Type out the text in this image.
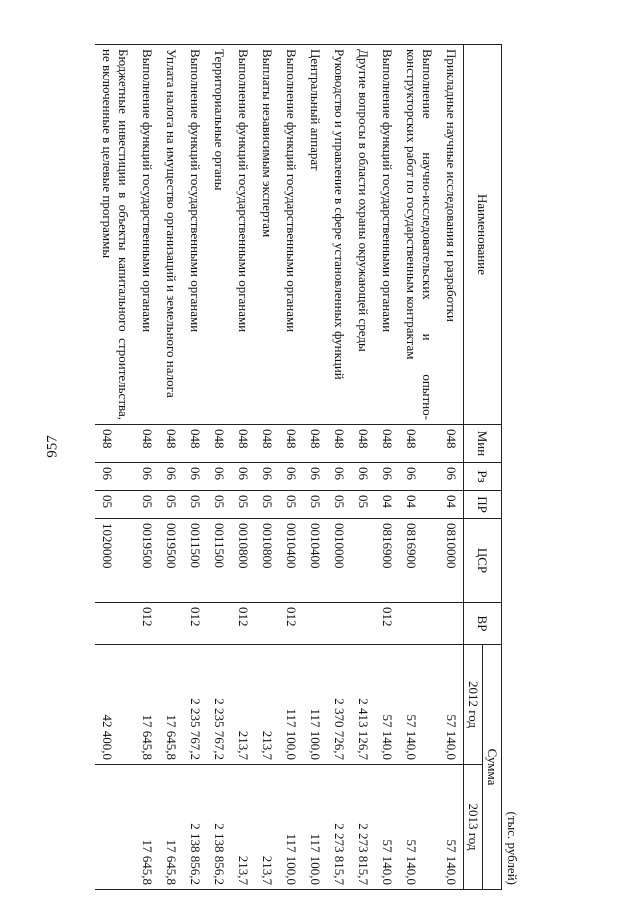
957
(тыс. рублей)
Наименование	Мин	Рз	ПР	ЦСР	ВР	Сумма	
						2012 год	2013 год
Прикладные научные исследования и разработки	048	06	04	0810000		57 140,0	57 140,0
Выполнение научно-исследовательских и опытно-конструкторских работ по государственным контрактам	048	06	04	0816900		57 140,0	57 140,0
Выполнение функций государственными органами	048	06	04	0816900	012	57 140,0	57 140,0
Другие вопросы в области охраны окружающей среды	048	06	05			2 413 126,7	2 273 815,7
Руководство и управление в сфере установленных функций	048	06	05	0010000		2 370 726,7	2 273 815,7
Центральный аппарат	048	06	05	0010400		117 100,0	117 100,0
Выполнение функций государственными органами	048	06	05	0010400	012	117 100,0	117 100,0
Выплаты независимым экспертам	048	06	05	0010800		213,7	213,7
Выполнение функций государственными органами	048	06	05	0010800	012	213,7	213,7
Территориальные органы	048	06	05	0011500		2 235 767,2	2 138 856,2
Выполнение функций государственными органами	048	06	05	0011500	012	2 235 767,2	2 138 856,2
Уплата налога на имущество организаций и земельного налога	048	06	05	0019500		17 645,8	17 645,8
Выполнение функций государственными органами	048	06	05	0019500	012	17 645,8	17 645,8
Бюджетные инвестиции в объекты капитального строительства, не включенные в целевые программы	048	06	05	1020000		42 400,0	
